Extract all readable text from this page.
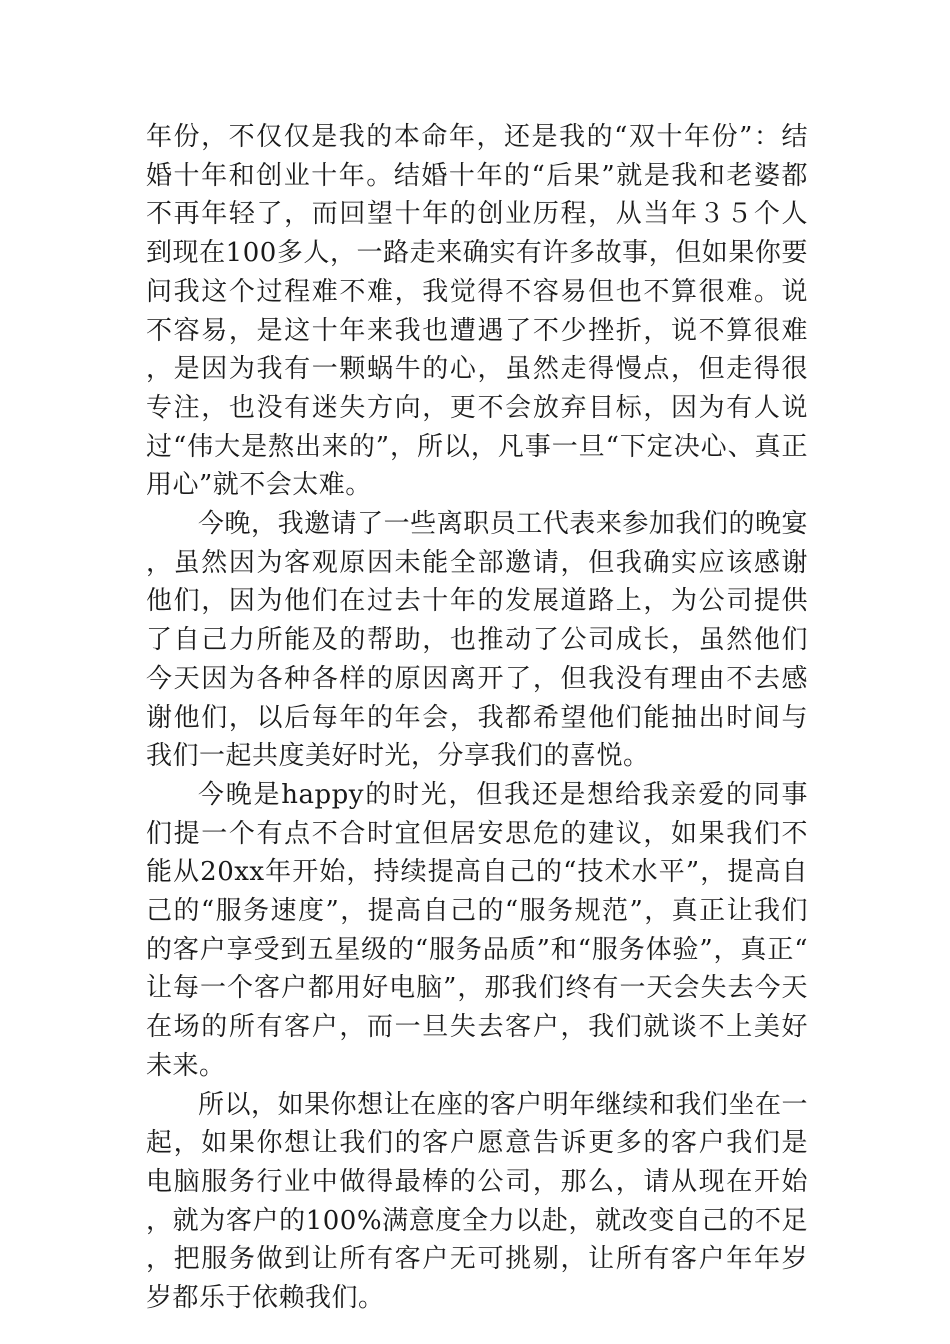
年份，不仅仅是我的本命年，还是我的“双十年份”：结婚十年和创业十年。结婚十年的“后果”就是我和老婆都不再年轻了，而回望十年的创业历程，从当年３５个人到现在100多人，一路走来确实有许多故事，但如果你要问我这个过程难不难，我觉得不容易但也不算很难。说不容易，是这十年来我也遭遇了不少挫折，说不算很难，是因为我有一颗蜗牛的心，虽然走得慢点，但走得很专注，也没有迷失方向，更不会放弃目标，因为有人说过“伟大是熬出来的”，所以，凡事一旦“下定决心、真正用心”就不会太难。

今晚，我邀请了一些离职员工代表来参加我们的晚宴，虽然因为客观原因未能全部邀请，但我确实应该感谢他们，因为他们在过去十年的发展道路上，为公司提供了自己力所能及的帮助，也推动了公司成长，虽然他们今天因为各种各样的原因离开了，但我没有理由不去感谢他们，以后每年的年会，我都希望他们能抽出时间与我们一起共度美好时光，分享我们的喜悦。

今晚是happy的时光，但我还是想给我亲爱的同事们提一个有点不合时宜但居安思危的建议，如果我们不能从20xx年开始，持续提高自己的“技术水平”，提高自己的“服务速度”，提高自己的“服务规范”，真正让我们的客户享受到五星级的“服务品质”和“服务体验”，真正“让每一个客户都用好电脑”，那我们终有一天会失去今天在场的所有客户，而一旦失去客户，我们就谈不上美好未来。

所以，如果你想让在座的客户明年继续和我们坐在一起，如果你想让我们的客户愿意告诉更多的客户我们是电脑服务行业中做得最棒的公司，那么，请从现在开始，就为客户的100%满意度全力以赴，就改变自己的不足，把服务做到让所有客户无可挑剔，让所有客户年年岁岁都乐于依赖我们。
